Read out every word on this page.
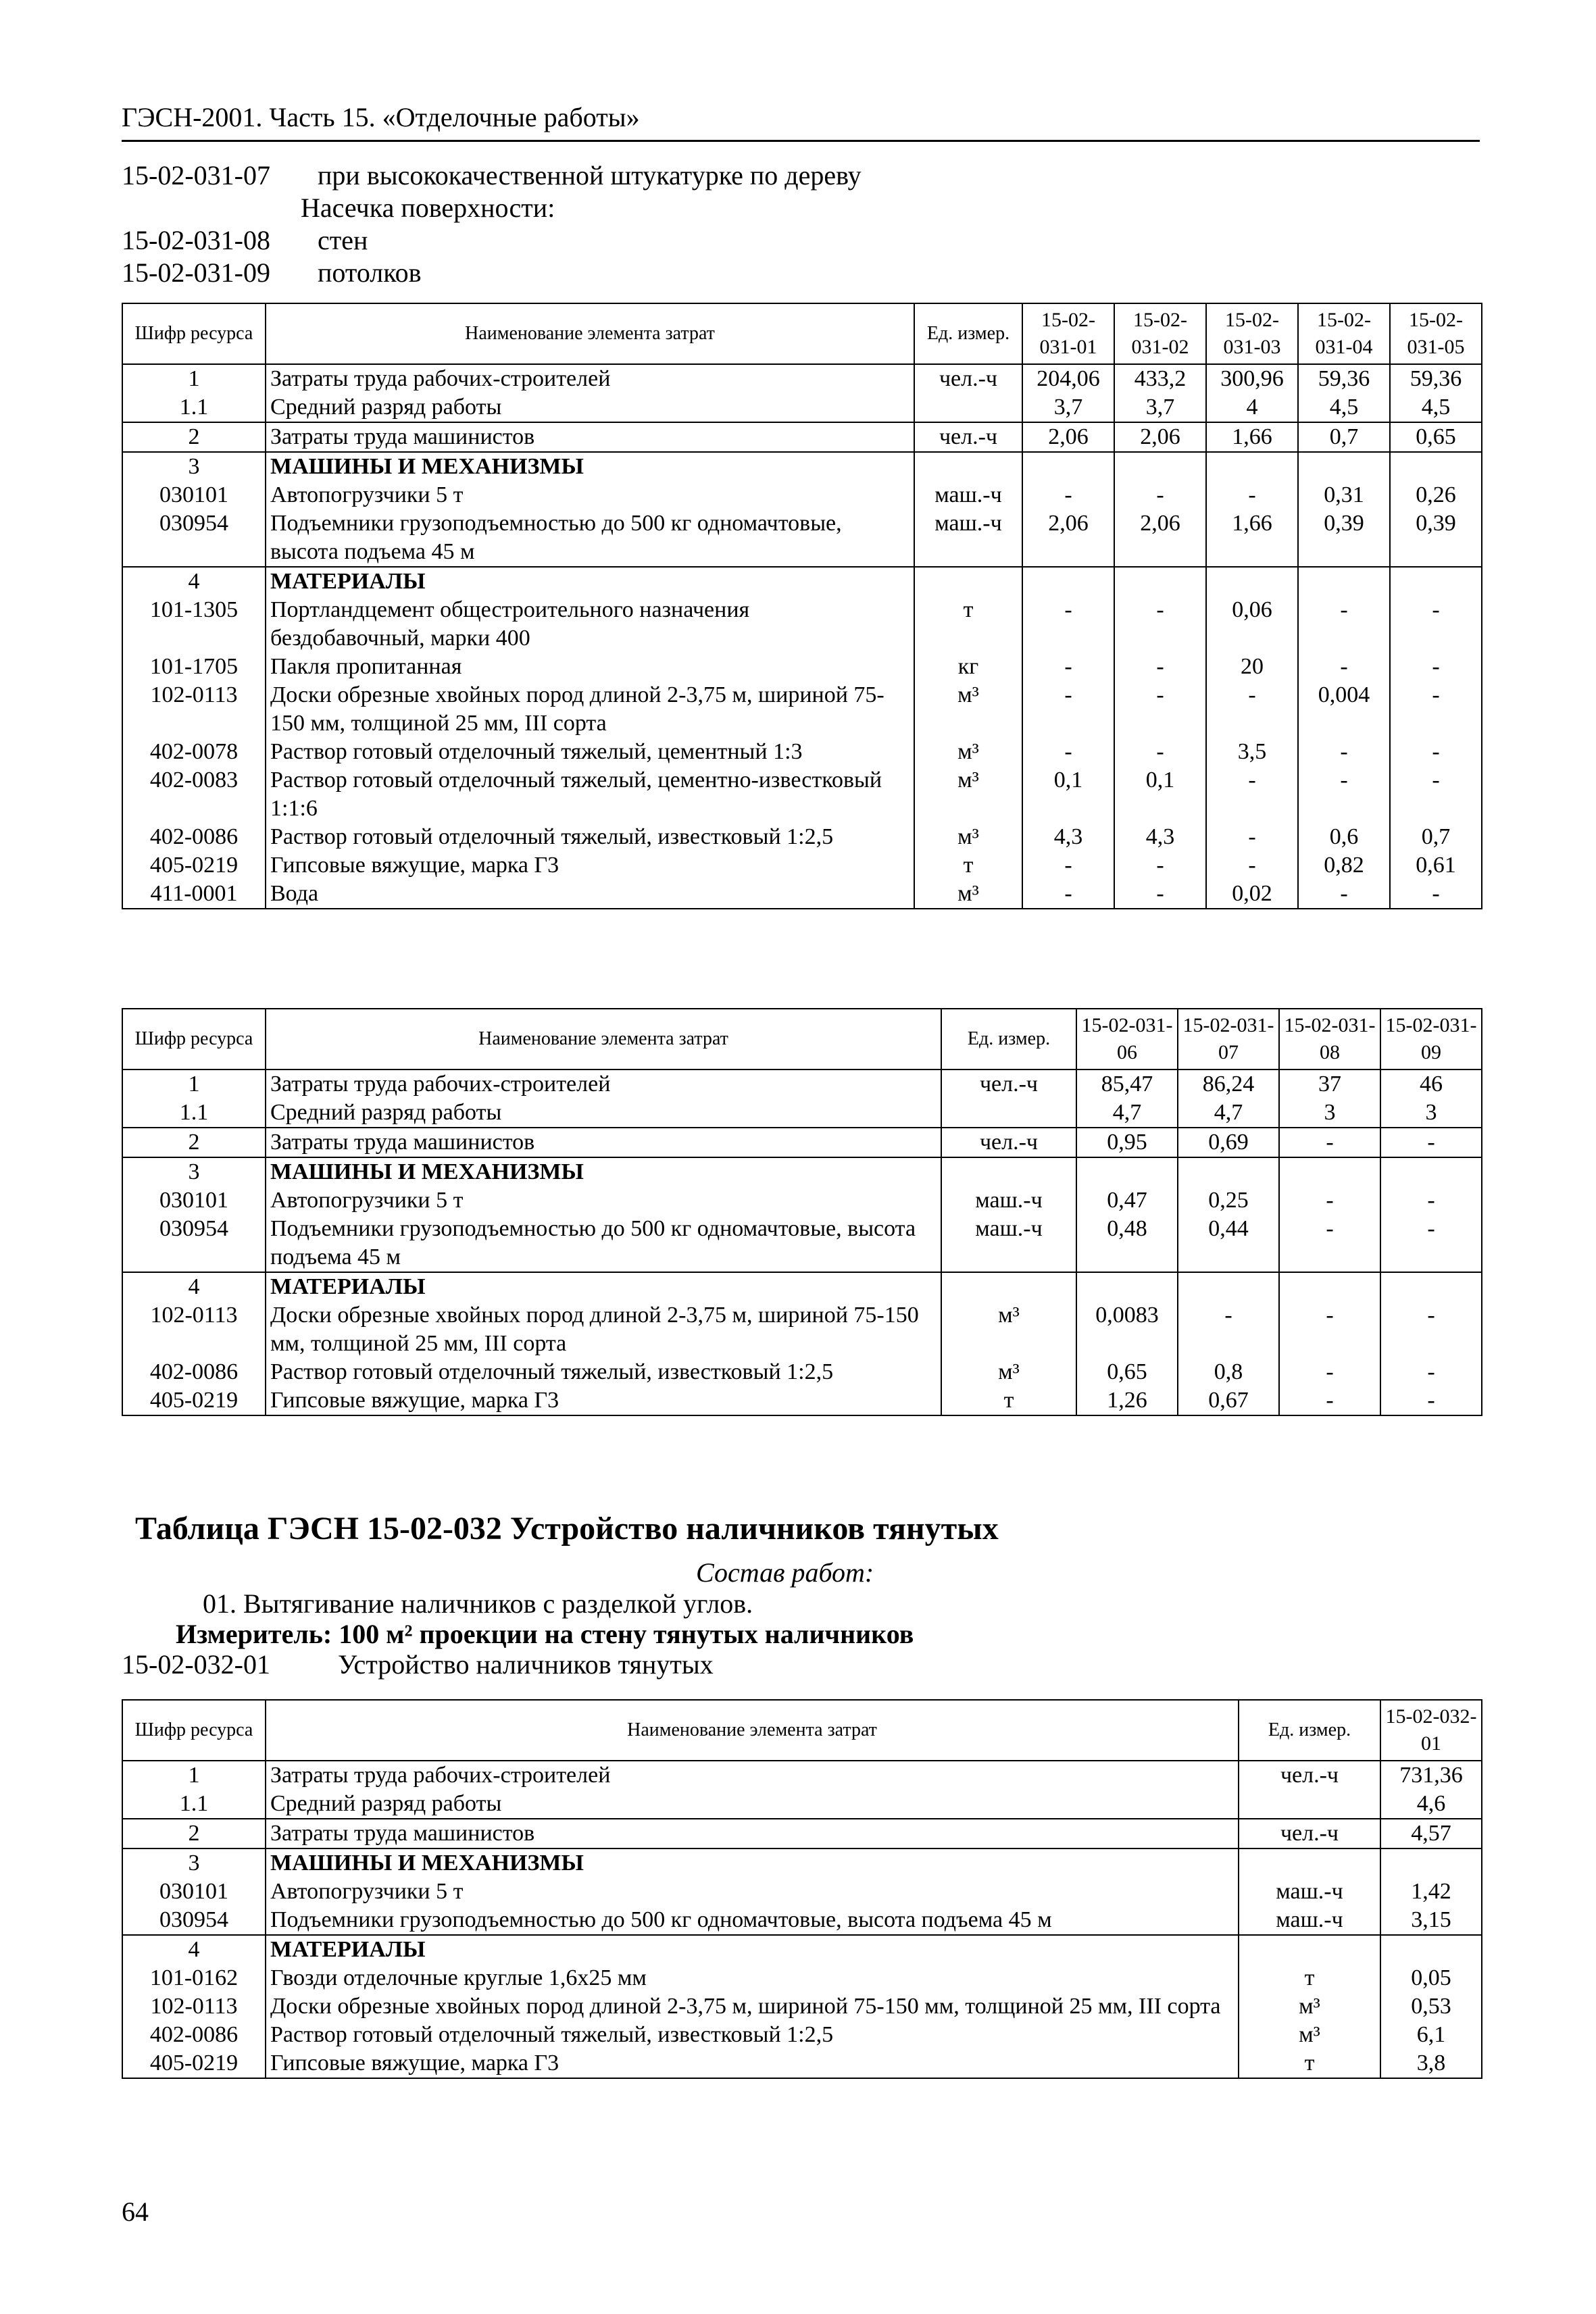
ГЭСН-2001. Часть 15. «Отделочные работы»
15-02-031-07	при высококачественной штукатурке по дереву
Насечка поверхности:
15-02-031-08	стен
15-02-031-09	потолков
Шифр ресурса	Наименование элемента затрат	Ед. измер.	15-02-031-01	15-02-031-02	15-02-031-03	15-02-031-04	15-02-031-05
1	Затраты труда рабочих-строителей	чел.-ч	204,06	433,2	300,96	59,36	59,36
1.1	Средний разряд работы		3,7	3,7	4	4,5	4,5
2	Затраты труда машинистов	чел.-ч	2,06	2,06	1,66	0,7	0,65
3	МАШИНЫ И МЕХАНИЗМЫ						
030101	Автопогрузчики 5 т	маш.-ч	-	-	-	0,31	0,26
030954	Подъемники грузоподъемностью до 500 кг одномачтовые, высота подъема 45 м	маш.-ч	2,06	2,06	1,66	0,39	0,39
4	МАТЕРИАЛЫ						
101-1305	Портландцемент общестроительного назначения бездобавочный, марки 400	т	-	-	0,06	-	-
101-1705	Пакля пропитанная	кг	-	-	20	-	-
102-0113	Доски обрезные хвойных пород длиной 2-3,75 м, шириной 75-150 мм, толщиной 25 мм, III сорта	м³	-	-	-	0,004	-
402-0078	Раствор готовый отделочный тяжелый, цементный 1:3	м³	-	-	3,5	-	-
402-0083	Раствор готовый отделочный тяжелый, цементно-известковый 1:1:6	м³	0,1	0,1	-	-	-
402-0086	Раствор готовый отделочный тяжелый, известковый 1:2,5	м³	4,3	4,3	-	0,6	0,7
405-0219	Гипсовые вяжущие, марка Г3	т	-	-	-	0,82	0,61
411-0001	Вода	м³	-	-	0,02	-	-
Шифр ресурса	Наименование элемента затрат	Ед. измер.	15-02-031-06	15-02-031-07	15-02-031-08	15-02-031-09
1	Затраты труда рабочих-строителей	чел.-ч	85,47	86,24	37	46
1.1	Средний разряд работы		4,7	4,7	3	3
2	Затраты труда машинистов	чел.-ч	0,95	0,69	-	-
3	МАШИНЫ И МЕХАНИЗМЫ					
030101	Автопогрузчики 5 т	маш.-ч	0,47	0,25	-	-
030954	Подъемники грузоподъемностью до 500 кг одномачтовые, высота подъема 45 м	маш.-ч	0,48	0,44	-	-
4	МАТЕРИАЛЫ					
102-0113	Доски обрезные хвойных пород длиной 2-3,75 м, шириной 75-150 мм, толщиной 25 мм, III сорта	м³	0,0083	-	-	-
402-0086	Раствор готовый отделочный тяжелый, известковый 1:2,5	м³	0,65	0,8	-	-
405-0219	Гипсовые вяжущие, марка Г3	т	1,26	0,67	-	-
Таблица ГЭСН 15-02-032 Устройство наличников тянутых
Состав работ:
01. Вытягивание наличников с разделкой углов.
Измеритель: 100 м² проекции на стену тянутых наличников
15-02-032-01	Устройство наличников тянутых
Шифр ресурса	Наименование элемента затрат	Ед. измер.	15-02-032-01
1	Затраты труда рабочих-строителей	чел.-ч	731,36
1.1	Средний разряд работы		4,6
2	Затраты труда машинистов	чел.-ч	4,57
3	МАШИНЫ И МЕХАНИЗМЫ		
030101	Автопогрузчики 5 т	маш.-ч	1,42
030954	Подъемники грузоподъемностью до 500 кг одномачтовые, высота подъема 45 м	маш.-ч	3,15
4	МАТЕРИАЛЫ		
101-0162	Гвозди отделочные круглые 1,6x25 мм	т	0,05
102-0113	Доски обрезные хвойных пород длиной 2-3,75 м, шириной 75-150 мм, толщиной 25 мм, III сорта	м³	0,53
402-0086	Раствор готовый отделочный тяжелый, известковый 1:2,5	м³	6,1
405-0219	Гипсовые вяжущие, марка Г3	т	3,8
64
